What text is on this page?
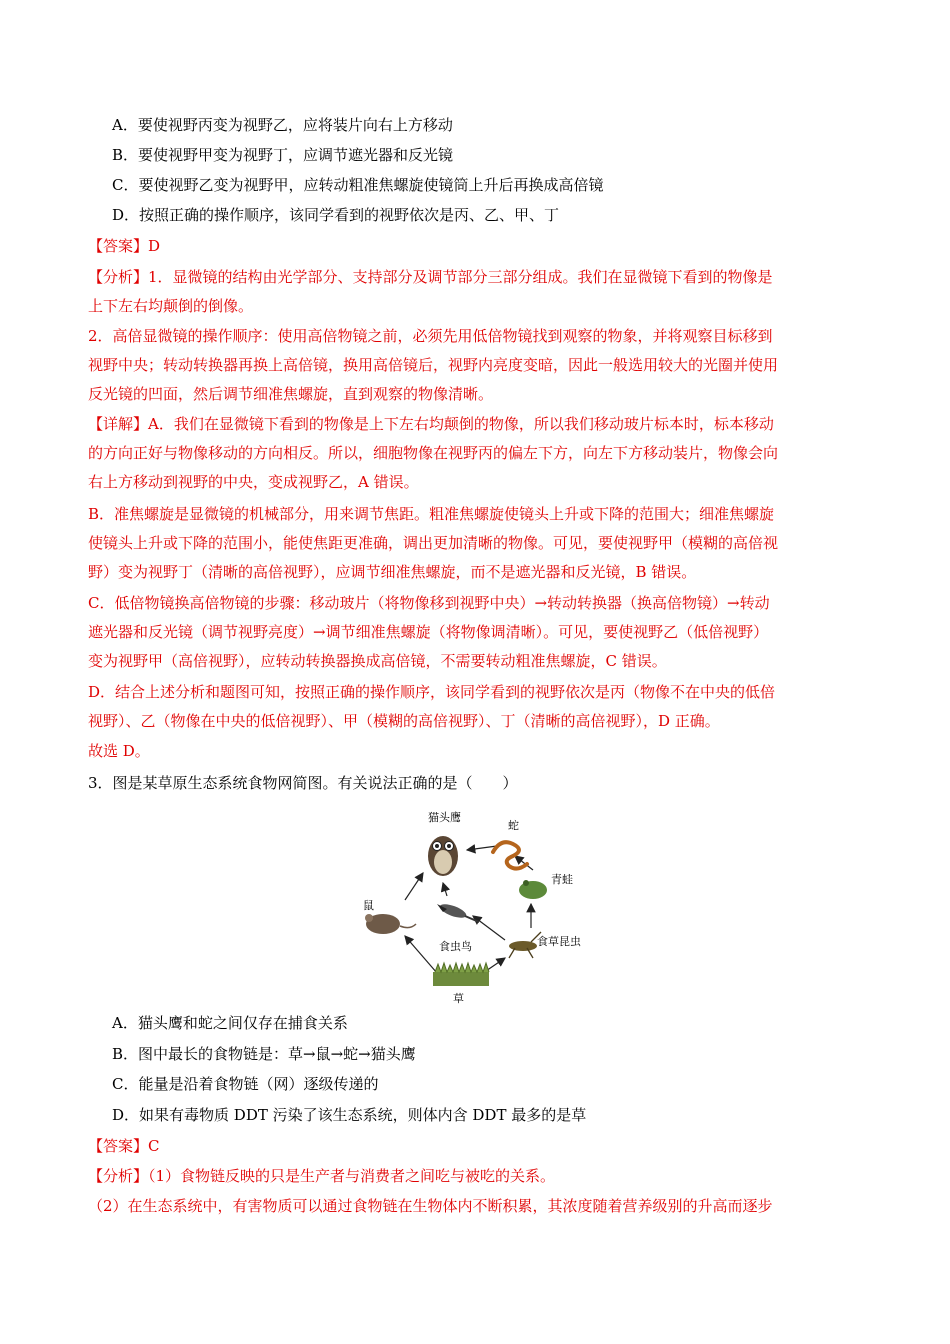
A．要使视野丙变为视野乙，应将装片向右上方移动
B．要使视野甲变为视野丁，应调节遮光器和反光镜
C．要使视野乙变为视野甲，应转动粗准焦螺旋使镜筒上升后再换成高倍镜
D．按照正确的操作顺序，该同学看到的视野依次是丙、乙、甲、丁
【答案】D
【分析】1．显微镜的结构由光学部分、支持部分及调节部分三部分组成。我们在显微镜下看到的物像是
上下左右均颠倒的倒像。
2．高倍显微镜的操作顺序：使用高倍物镜之前，必须先用低倍物镜找到观察的物象，并将观察目标移到
视野中央；转动转换器再换上高倍镜，换用高倍镜后，视野内亮度变暗，因此一般选用较大的光圈并使用
反光镜的凹面，然后调节细准焦螺旋，直到观察的物像清晰。
【详解】A．我们在显微镜下看到的物像是上下左右均颠倒的物像，所以我们移动玻片标本时，标本移动
的方向正好与物像移动的方向相反。所以，细胞物像在视野丙的偏左下方，向左下方移动装片，物像会向
右上方移动到视野的中央，变成视野乙，A 错误。
B．准焦螺旋是显微镜的机械部分，用来调节焦距。粗准焦螺旋使镜头上升或下降的范围大；细准焦螺旋
使镜头上升或下降的范围小，能使焦距更准确，调出更加清晰的物像。可见，要使视野甲（模糊的高倍视
野）变为视野丁（清晰的高倍视野），应调节细准焦螺旋，而不是遮光器和反光镜，B 错误。
C．低倍物镜换高倍物镜的步骤：移动玻片（将物像移到视野中央）→转动转换器（换高倍物镜）→转动
遮光器和反光镜（调节视野亮度）→调节细准焦螺旋（将物像调清晰）。可见，要使视野乙（低倍视野）
变为视野甲（高倍视野），应转动转换器换成高倍镜，不需要转动粗准焦螺旋，C 错误。
D．结合上述分析和题图可知，按照正确的操作顺序，该同学看到的视野依次是丙（物像不在中央的低倍
视野）、乙（物像在中央的低倍视野）、甲（模糊的高倍视野）、丁（清晰的高倍视野），D 正确。
故选 D。
3．图是某草原生态系统食物网简图。有关说法正确的是（　　）
猫头鹰
蛇
青蛙
鼠
食虫鸟	食草昆虫
草
A．猫头鹰和蛇之间仅存在捕食关系
B．图中最长的食物链是：草→鼠→蛇→猫头鹰
C．能量是沿着食物链（网）逐级传递的
D．如果有毒物质 DDT 污染了该生态系统，则体内含 DDT 最多的是草
【答案】C
【分析】（1）食物链反映的只是生产者与消费者之间吃与被吃的关系。
（2）在生态系统中，有害物质可以通过食物链在生物体内不断积累，其浓度随着营养级别的升高而逐步
